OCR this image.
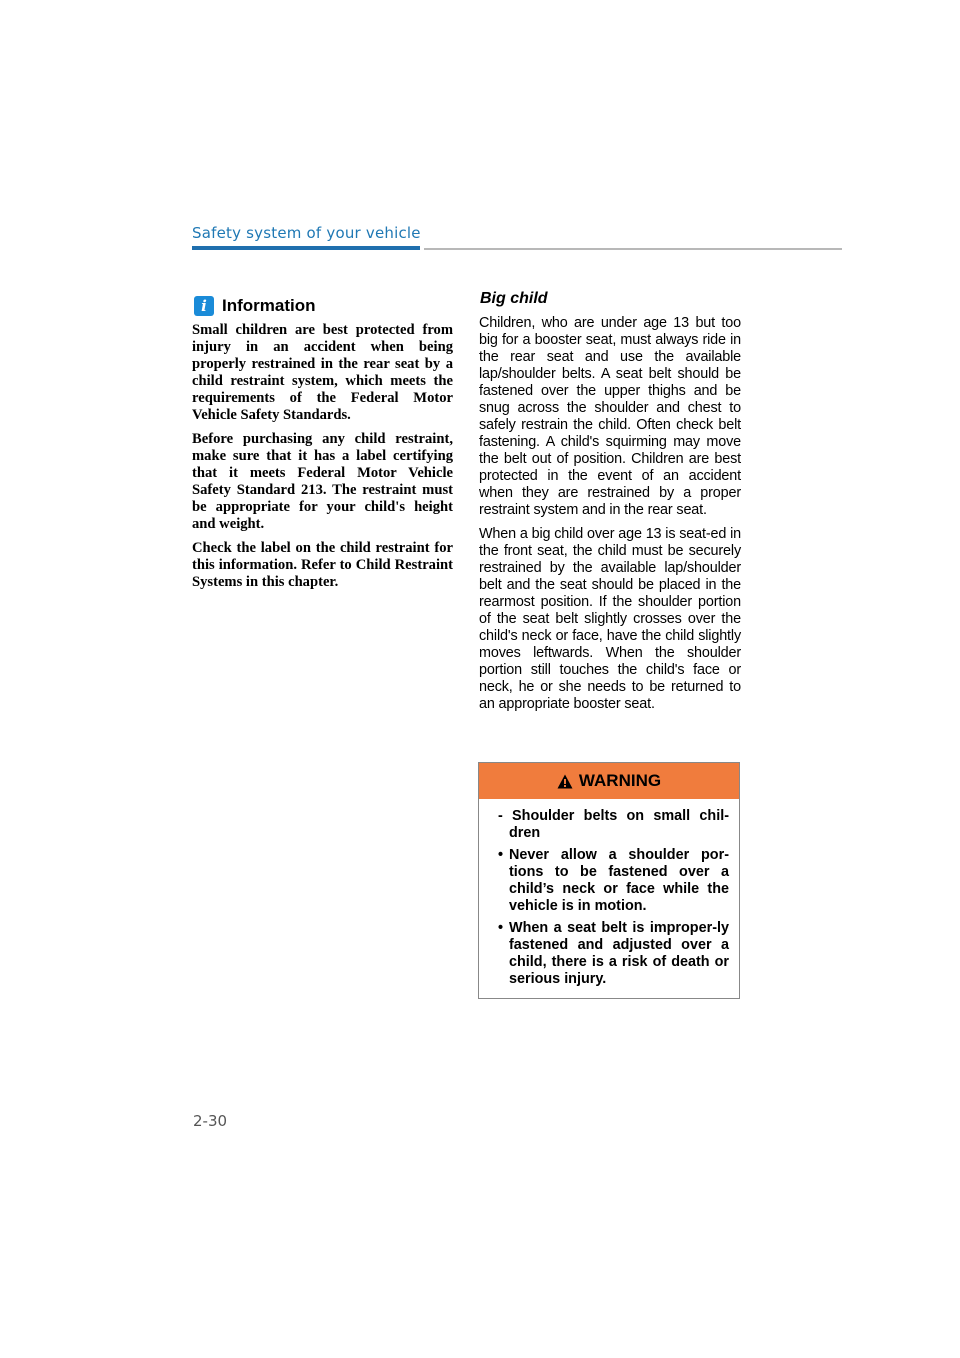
Safety system of your vehicle
i Information

Small children are best protected from injury in an accident when being properly restrained in the rear seat by a child restraint system, which meets the requirements of the Federal Motor Vehicle Safety Standards.

Before purchasing any child restraint, make sure that it has a label certifying that it meets Federal Motor Vehicle Safety Standard 213. The restraint must be appropriate for your child's height and weight.

Check the label on the child restraint for this information. Refer to Child Restraint Systems in this chapter.

Big child

Children, who are under age 13 but too big for a booster seat, must always ride in the rear seat and use the available lap/shoulder belts. A seat belt should be fastened over the upper thighs and be snug across the shoulder and chest to safely restrain the child. Often check belt fastening. A child's squirming may move the belt out of position. Children are best protected in the event of an accident when they are restrained by a proper restraint system and in the rear seat.

When a big child over age 13 is seat-ed in the front seat, the child must be securely restrained by the available lap/shoulder belt and the seat should be placed in the rearmost position. If the shoulder portion of the seat belt slightly crosses over the child's neck or face, have the child slightly moves leftwards. When the shoulder portion still touches the child's face or neck, he or she needs to be returned to an appropriate booster seat.

WARNING
- Shoulder belts on small chil-dren
• Never allow a shoulder por-tions to be fastened over a child’s neck or face while the vehicle is in motion.
• When a seat belt is improper-ly fastened and adjusted over a child, there is a risk of death or serious injury.
2-30
